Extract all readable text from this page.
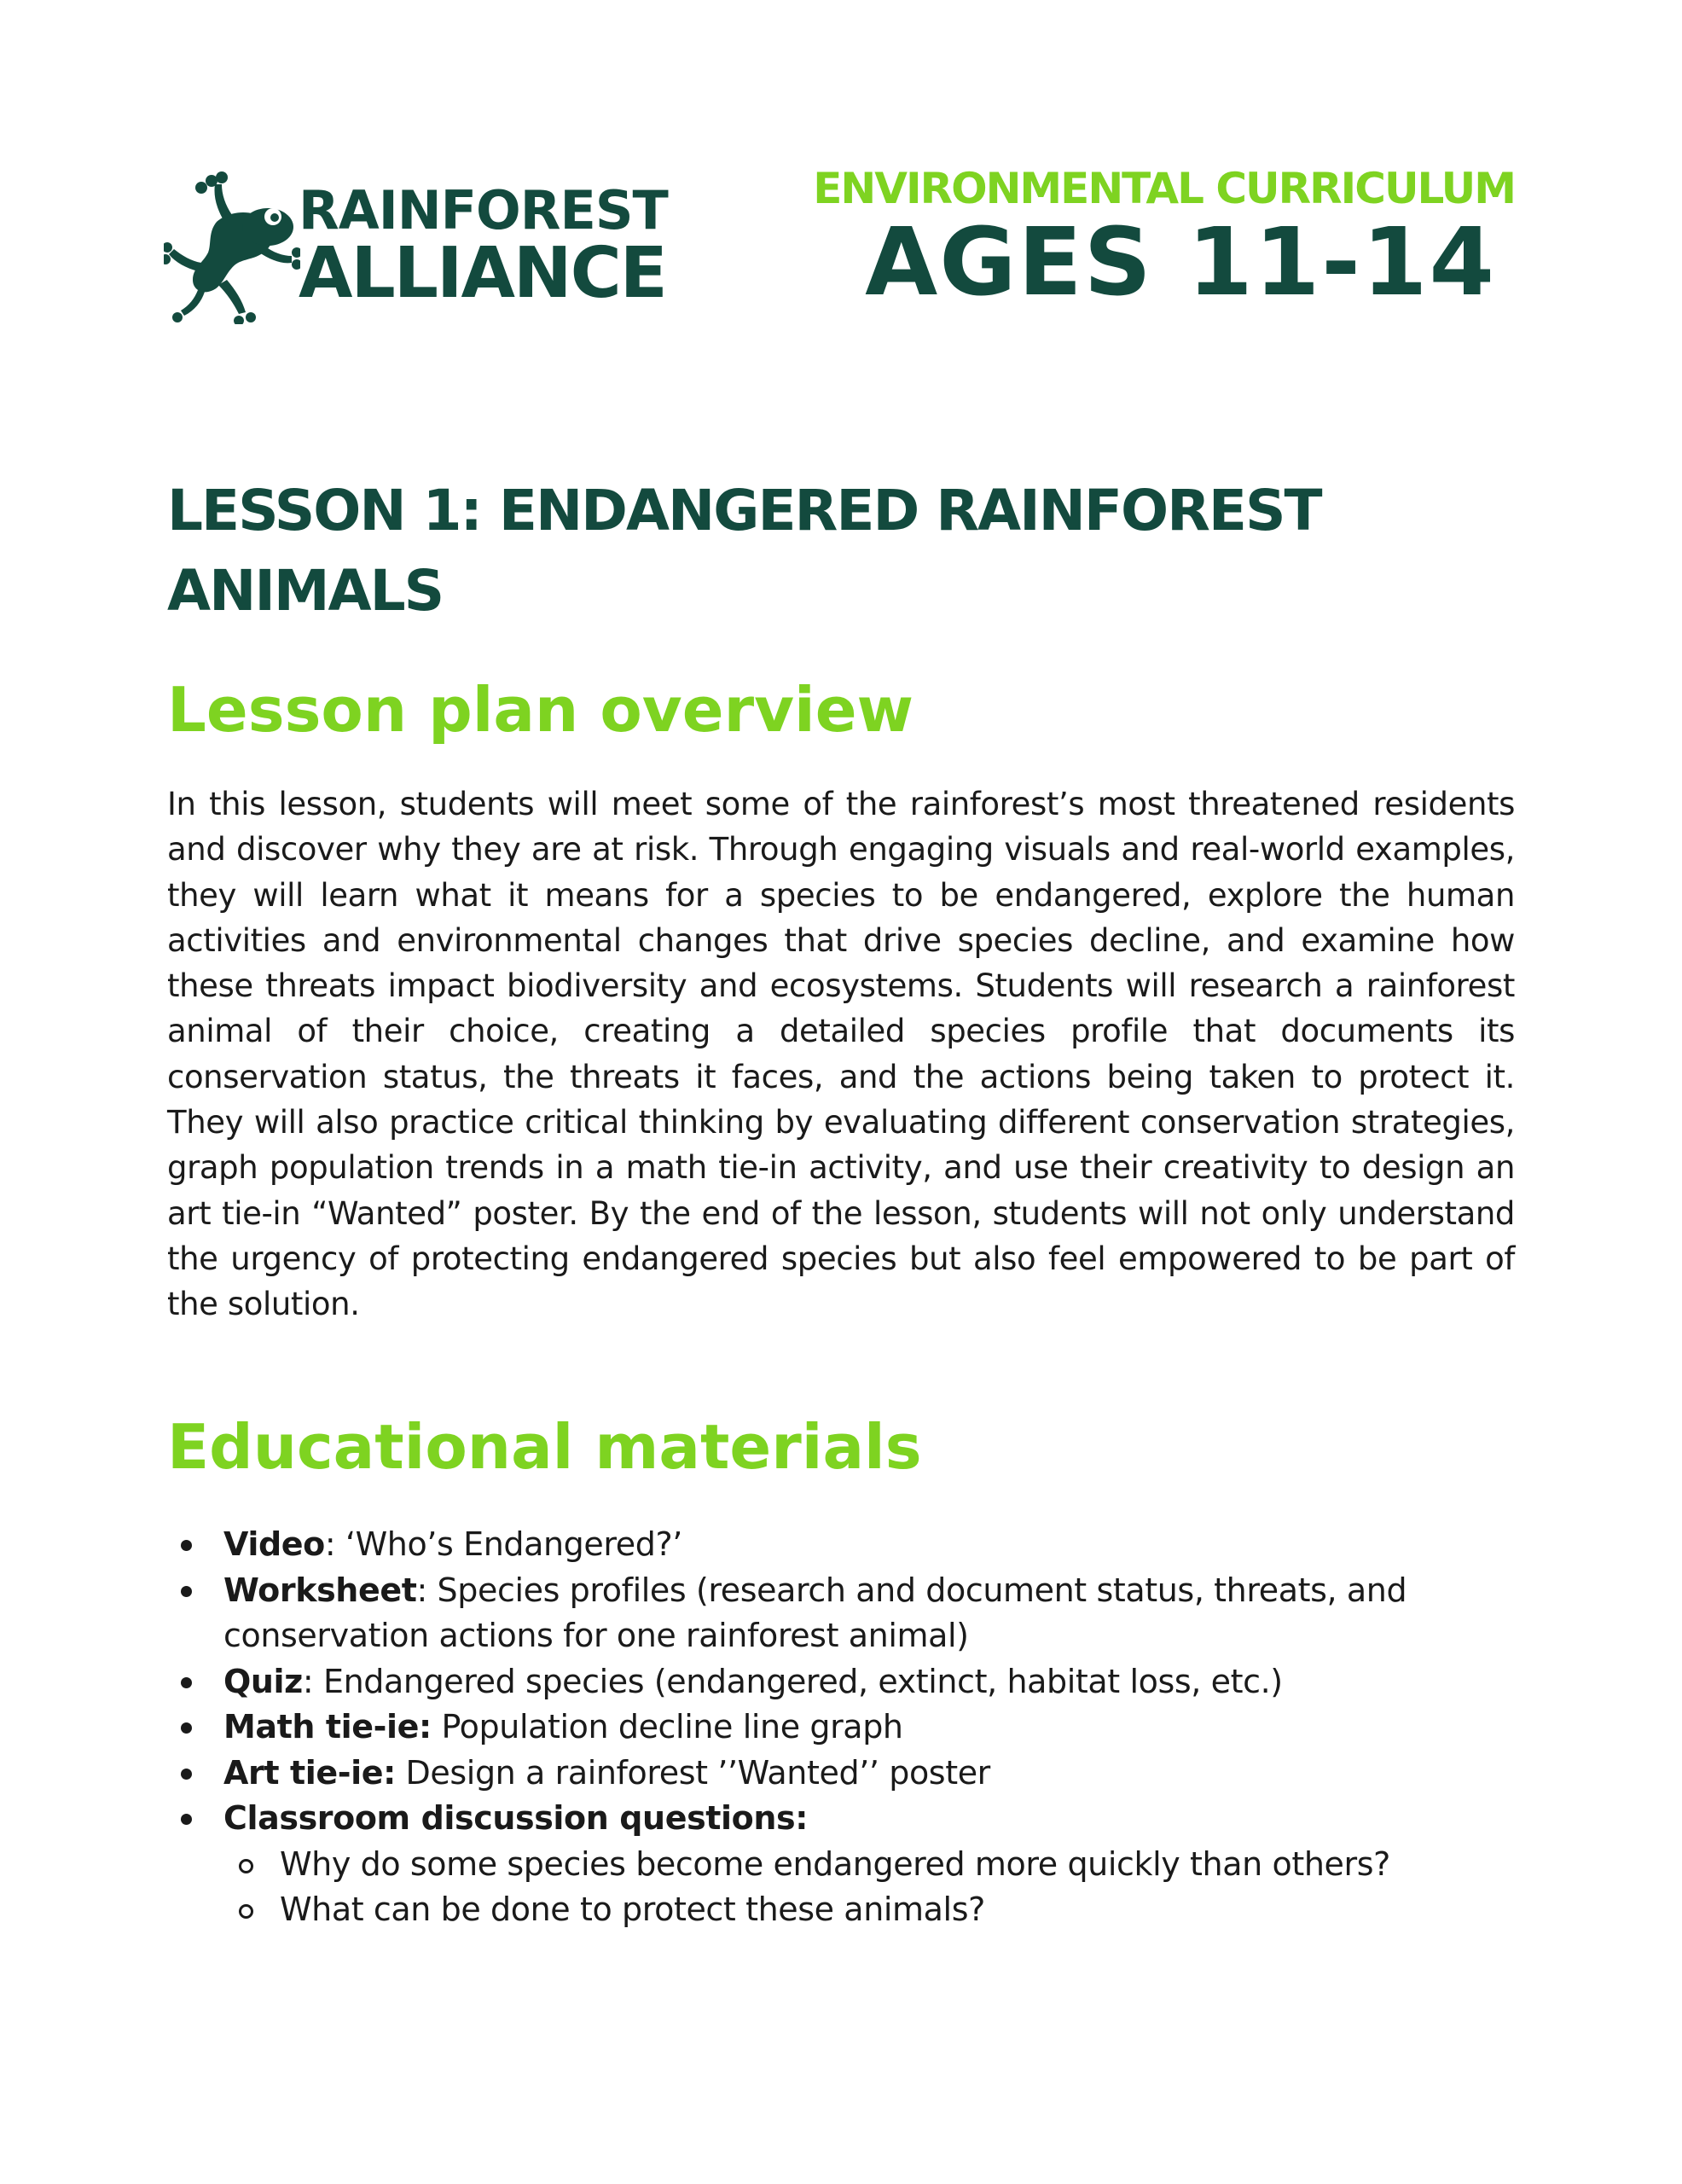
RAINFOREST
ALLIANCE
ENVIRONMENTAL CURRICULUM
AGES 11-14
LESSON 1: ENDANGERED RAINFOREST
ANIMALS
Lesson plan overview

In this lesson, students will meet some of the rainforest’s most threatened residents and discover why they are at risk. Through engaging visuals and real-world examples, they will learn what it means for a species to be endangered, explore the human activities and environmental changes that drive species decline, and examine how these threats impact biodiversity and ecosystems. Students will research a rainforest animal of their choice, creating a detailed species profile that documents its conservation status, the threats it faces, and the actions being taken to protect it. They will also practice critical thinking by evaluating different conservation strategies, graph population trends in a math tie-in activity, and use their creativity to design an art tie-in “Wanted” poster. By the end of the lesson, students will not only understand the urgency of protecting endangered species but also feel empowered to be part of the solution.

Educational materials
Video: ‘Who’s Endangered?’
Worksheet: Species profiles (research and document status, threats, and conservation actions for one rainforest animal)
Quiz: Endangered species (endangered, extinct, habitat loss, etc.)
Math tie-ie: Population decline line graph
Art tie-ie: Design a rainforest ’’Wanted’’ poster
Classroom discussion questions:
Why do some species become endangered more quickly than others?
What can be done to protect these animals?
